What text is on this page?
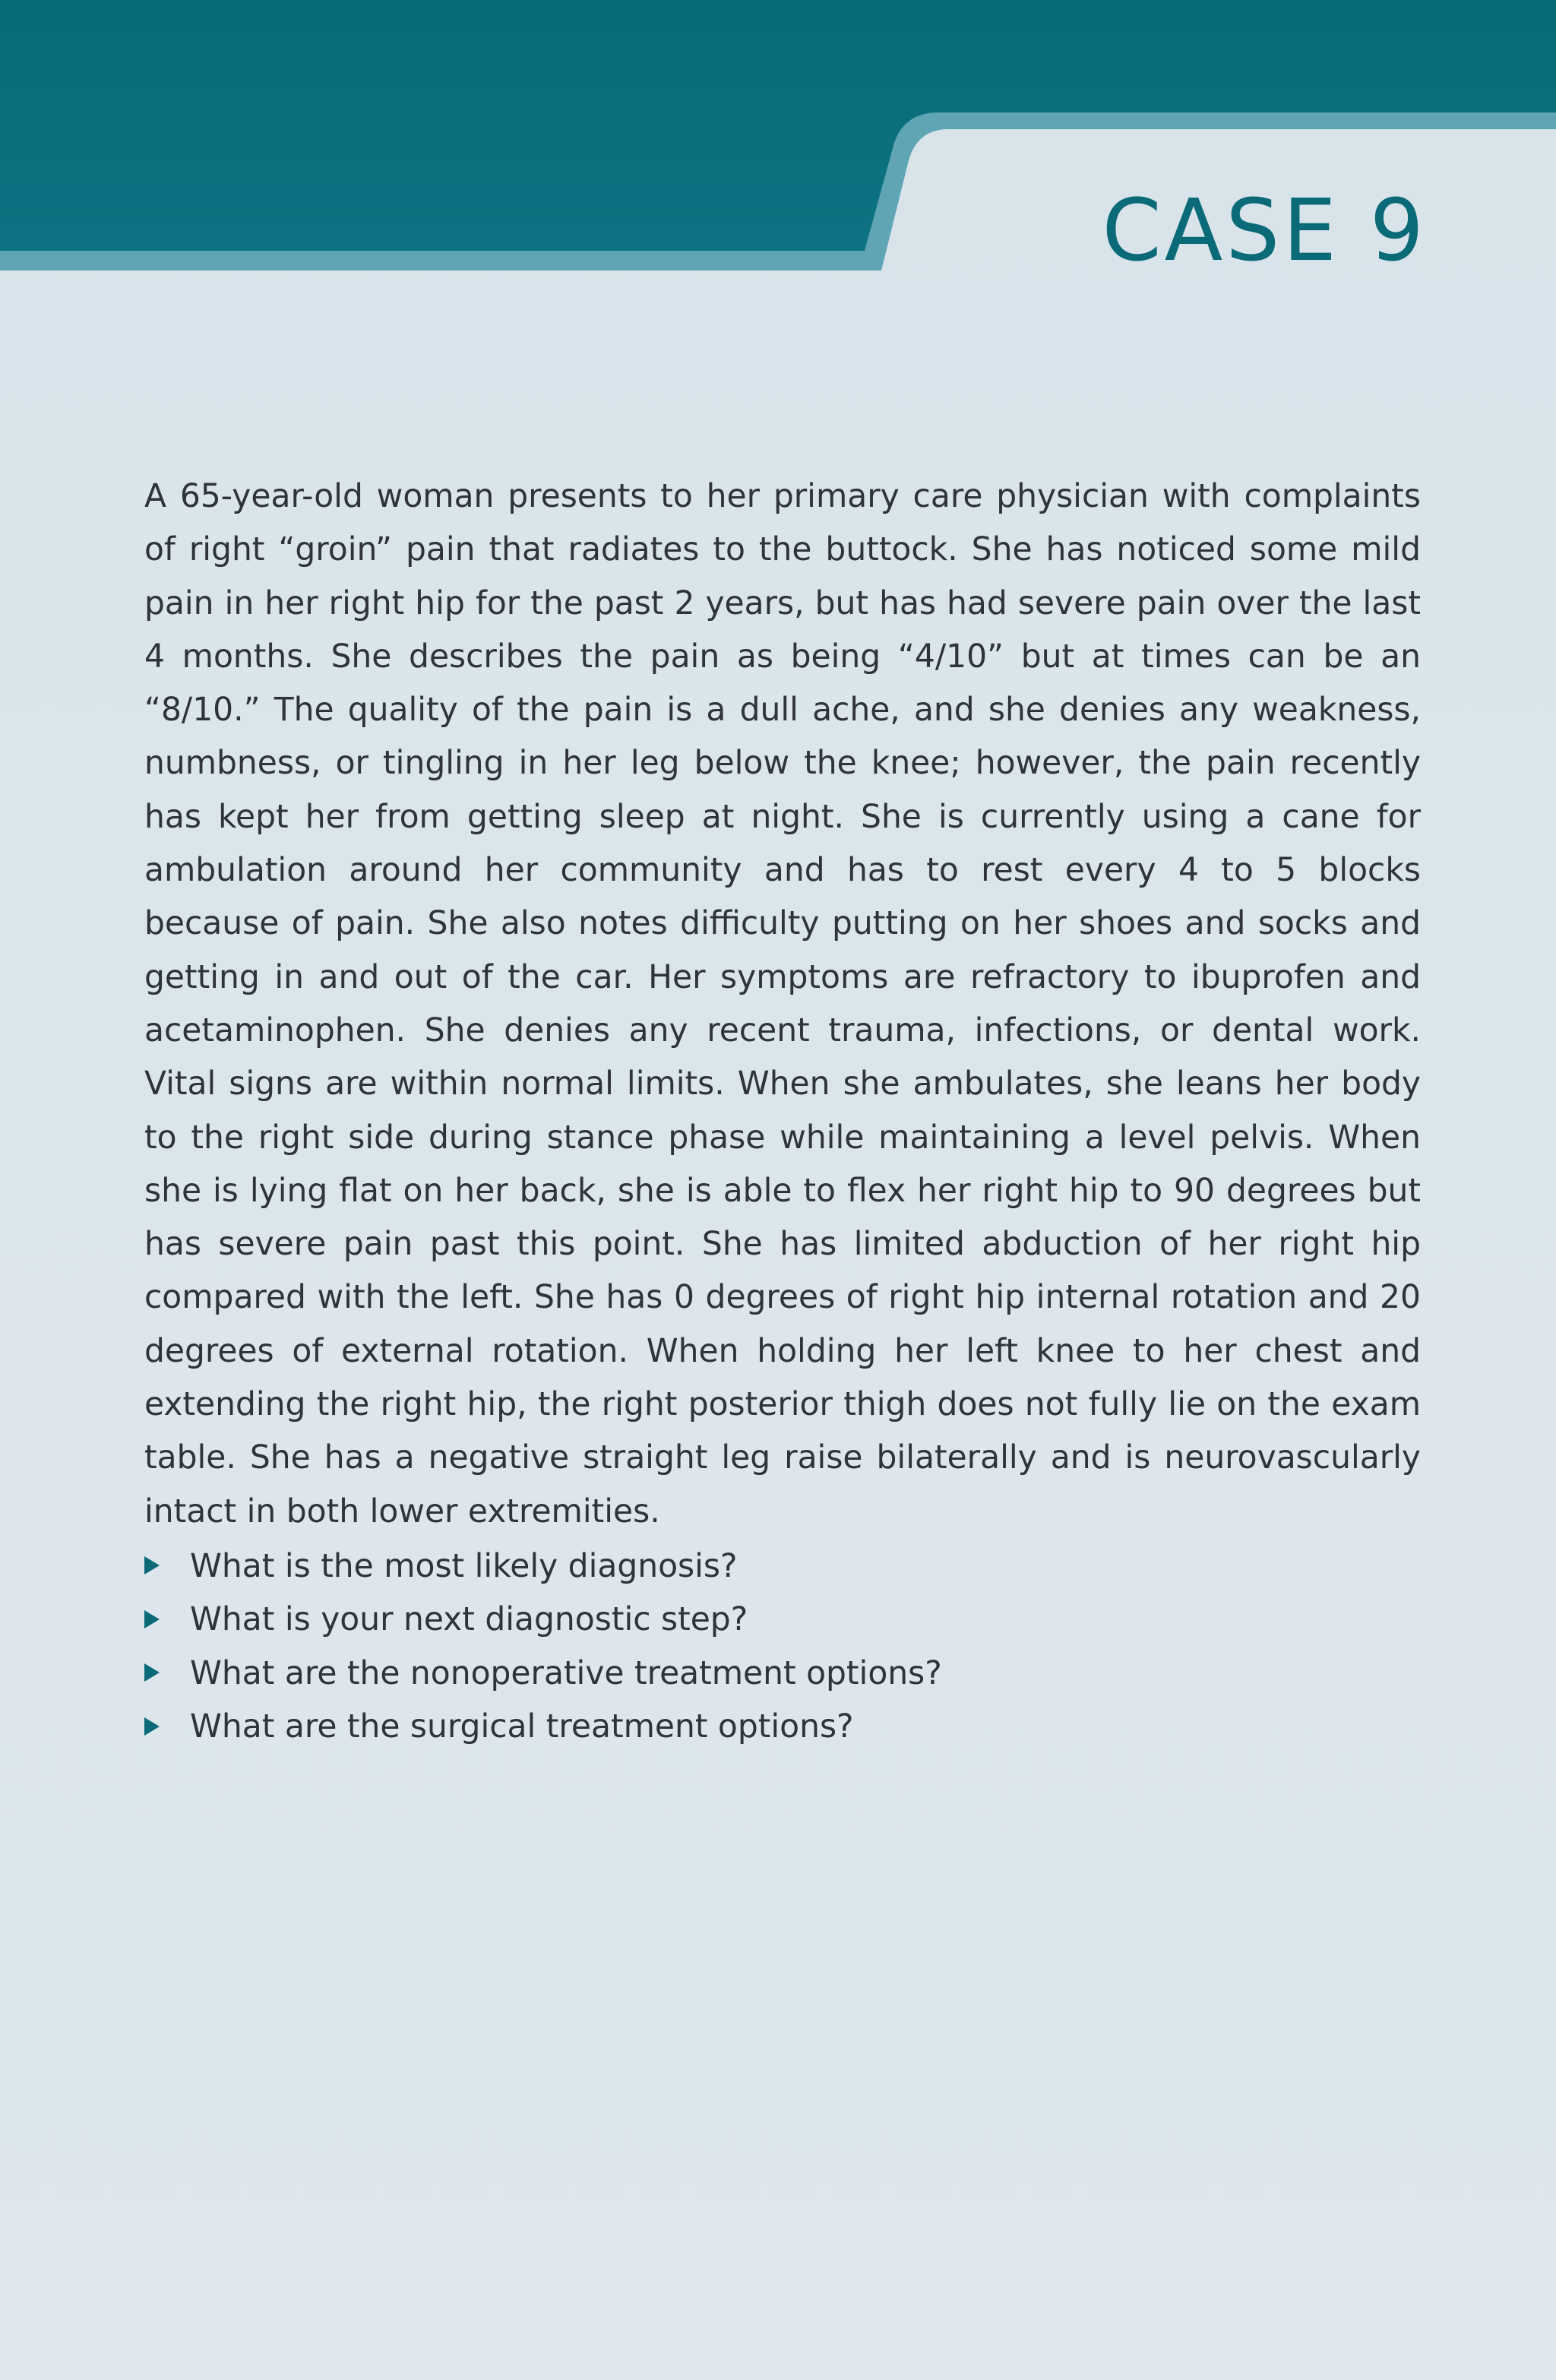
CASE 9

A 65-year-old woman presents to her primary care physician with complaints of right “groin” pain that radiates to the buttock. She has noticed some mild pain in her right hip for the past 2 years, but has had severe pain over the last 4 months. She describes the pain as being “4/10” but at times can be an “8/10.” The quality of the pain is a dull ache, and she denies any weakness, numbness, or tingling in her leg below the knee; however, the pain recently has kept her from getting sleep at night. She is currently using a cane for ambulation around her community and has to rest every 4 to 5 blocks because of pain. She also notes difficulty putting on her shoes and socks and getting in and out of the car. Her symptoms are refractory to ibuprofen and acetaminophen. She denies any recent trauma, infections, or dental work. Vital signs are within normal limits. When she ambulates, she leans her body to the right side during stance phase while maintaining a level pelvis. When she is lying flat on her back, she is able to flex her right hip to 90 degrees but has severe pain past this point. She has limited abduction of her right hip compared with the left. She has 0 degrees of right hip internal rotation and 20 degrees of external rotation. When holding her left knee to her chest and extending the right hip, the right posterior thigh does not fully lie on the exam table. She has a negative straight leg raise bilaterally and is neurovascularly intact in both lower extremities.

What is the most likely diagnosis?
What is your next diagnostic step?
What are the nonoperative treatment options?
What are the surgical treatment options?
